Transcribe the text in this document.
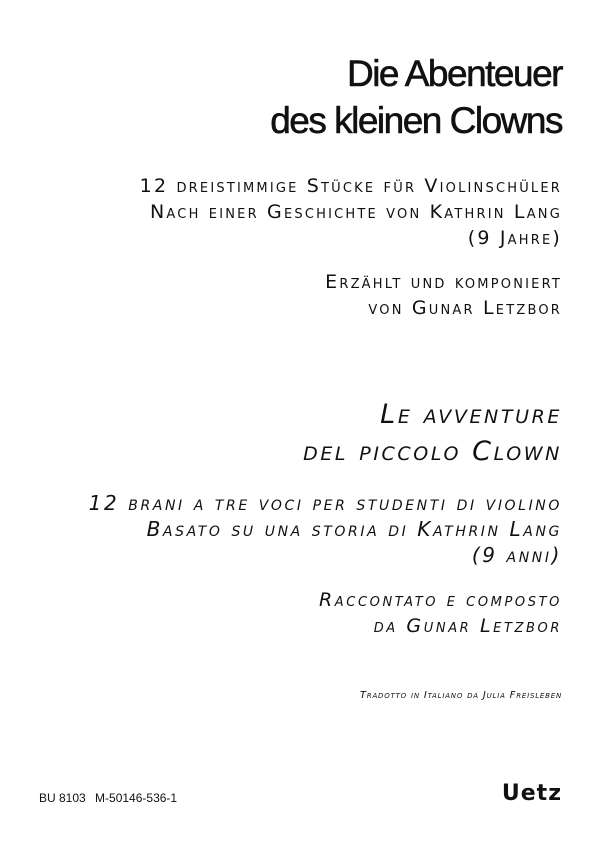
Die Abenteuer
des kleinen Clowns
12 dreistimmige Stücke für Violinschüler
Nach einer Geschichte von Kathrin Lang
(9 Jahre)
Erzählt und komponiert
von Gunar Letzbor
Le avventure
del piccolo Clown
12 brani a tre voci per studenti di violino
Basato su una storia di Kathrin Lang
(9 anni)
Raccontato e composto
da Gunar Letzbor
Tradotto in Italiano da Julia Freisleben
BU 8103 M-50146-536-1	Uetz
